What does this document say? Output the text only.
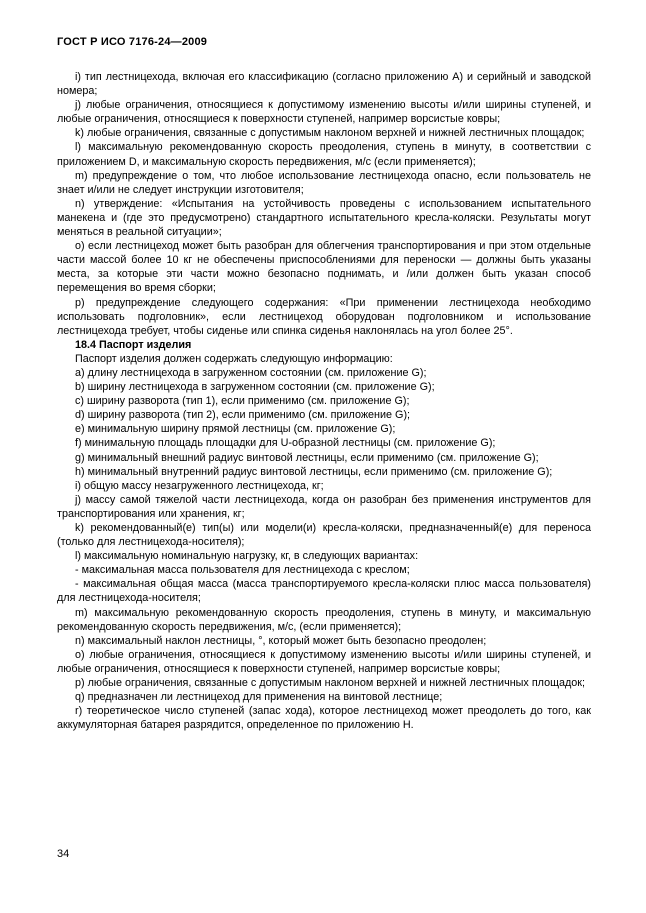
ГОСТ Р ИСО 7176-24—2009

i) тип лестницехода, включая его классификацию (согласно приложению А) и серийный и заводской номера;

j) любые ограничения, относящиеся к допустимому изменению высоты и/или ширины ступеней, и любые ограничения, относящиеся к поверхности ступеней, например ворсистые ковры;

k) любые ограничения, связанные с допустимым наклоном верхней и нижней лестничных площадок;

l) максимальную рекомендованную скорость преодоления, ступень в минуту, в соответствии с приложением D, и максимальную скорость передвижения, м/с (если применяется);

m) предупреждение о том, что любое использование лестницехода опасно, если пользователь не знает и/или не следует инструкции изготовителя;

n) утверждение: «Испытания на устойчивость проведены с использованием испытательного манекена и (где это предусмотрено) стандартного испытательного кресла-коляски. Результаты могут меняться в реальной ситуации»;

o) если лестницеход может быть разобран для облегчения транспортирования и при этом отдельные части массой более 10 кг не обеспечены приспособлениями для переноски — должны быть указаны места, за которые эти части можно безопасно поднимать, и /или должен быть указан способ перемещения во время сборки;

p) предупреждение следующего содержания: «При применении лестницехода необходимо использовать подголовник», если лестницеход оборудован подголовником и использование лестницехода требует, чтобы сиденье или спинка сиденья наклонялась на угол более 25°.

18.4 Паспорт изделия

Паспорт изделия должен содержать следующую информацию:

a) длину лестницехода в загруженном состоянии (см. приложение G);

b) ширину лестницехода в загруженном состоянии (см. приложение G);

c) ширину разворота (тип 1), если применимо (см. приложение G);

d) ширину разворота (тип 2), если применимо (см. приложение G);

e) минимальную ширину прямой лестницы (см. приложение G);

f) минимальную площадь площадки для U-образной лестницы (см. приложение G);

g) минимальный внешний радиус винтовой лестницы, если применимо (см. приложение G);

h) минимальный внутренний радиус винтовой лестницы, если применимо (см. приложение G);

i) общую массу незагруженного лестницехода, кг;

j) массу самой тяжелой части лестницехода, когда он разобран без применения инструментов для транспортирования или хранения, кг;

k) рекомендованный(е) тип(ы) или модели(и) кресла-коляски, предназначенный(е) для переноса (только для лестницехода-носителя);

l) максимальную номинальную нагрузку, кг, в следующих вариантах:

- максимальная масса пользователя для лестницехода с креслом;

- максимальная общая масса (масса транспортируемого кресла-коляски плюс масса пользователя) для лестницехода-носителя;

m) максимальную рекомендованную скорость преодоления, ступень в минуту, и максимальную рекомендованную скорость передвижения, м/с, (если применяется);

n) максимальный наклон лестницы, °, который может быть безопасно преодолен;

o) любые ограничения, относящиеся к допустимому изменению высоты и/или ширины ступеней, и любые ограничения, относящиеся к поверхности ступеней, например ворсистые ковры;

p) любые ограничения, связанные с допустимым наклоном верхней и нижней лестничных площадок;

q) предназначен ли лестницеход для применения на винтовой лестнице;

r) теоретическое число ступеней (запас хода), которое лестницеход может преодолеть до того, как аккумуляторная батарея разрядится, определенное по приложению Н.

34
